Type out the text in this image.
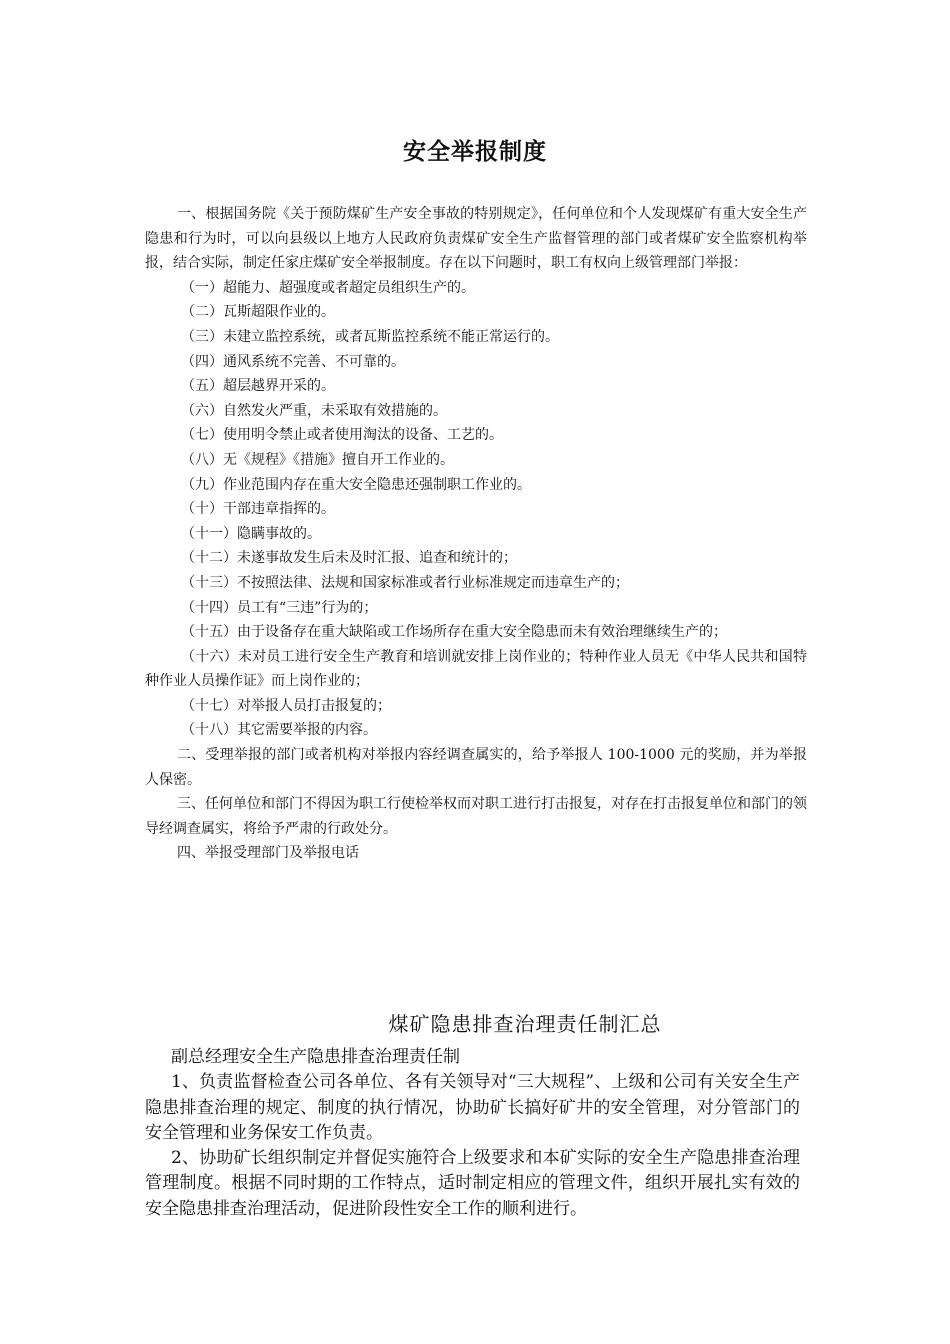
安全举报制度

一、根据国务院《关于预防煤矿生产安全事故的特别规定》，任何单位和个人发现煤矿有重大安全生产隐患和行为时，可以向县级以上地方人民政府负责煤矿安全生产监督管理的部门或者煤矿安全监察机构举报，结合实际，制定任家庄煤矿安全举报制度。存在以下问题时，职工有权向上级管理部门举报：

（一）超能力、超强度或者超定员组织生产的。

（二）瓦斯超限作业的。

（三）未建立监控系统，或者瓦斯监控系统不能正常运行的。

（四）通风系统不完善、不可靠的。

（五）超层越界开采的。

（六）自然发火严重，未采取有效措施的。

（七）使用明令禁止或者使用淘汰的设备、工艺的。

（八）无《规程》《措施》擅自开工作业的。

（九）作业范围内存在重大安全隐患还强制职工作业的。

（十）干部违章指挥的。

（十一）隐瞒事故的。

（十二）未遂事故发生后未及时汇报、追查和统计的；

（十三）不按照法律、法规和国家标准或者行业标准规定而违章生产的；

（十四）员工有“三违”行为的；

（十五）由于设备存在重大缺陷或工作场所存在重大安全隐患而未有效治理继续生产的；

（十六）未对员工进行安全生产教育和培训就安排上岗作业的；特种作业人员无《中华人民共和国特种作业人员操作证》而上岗作业的；

（十七）对举报人员打击报复的；

（十八）其它需要举报的内容。

二、受理举报的部门或者机构对举报内容经调查属实的，给予举报人 100-1000 元的奖励，并为举报人保密。

三、任何单位和部门不得因为职工行使检举权而对职工进行打击报复，对存在打击报复单位和部门的领导经调查属实，将给予严肃的行政处分。

四、举报受理部门及举报电话

煤矿隐患排查治理责任制汇总

副总经理安全生产隐患排查治理责任制

1、负责监督检查公司各单位、各有关领导对“三大规程”、上级和公司有关安全生产隐患排查治理的规定、制度的执行情况，协助矿长搞好矿井的安全管理，对分管部门的安全管理和业务保安工作负责。

2、协助矿长组织制定并督促实施符合上级要求和本矿实际的安全生产隐患排查治理管理制度。根据不同时期的工作特点，适时制定相应的管理文件，组织开展扎实有效的安全隐患排查治理活动，促进阶段性安全工作的顺利进行。
